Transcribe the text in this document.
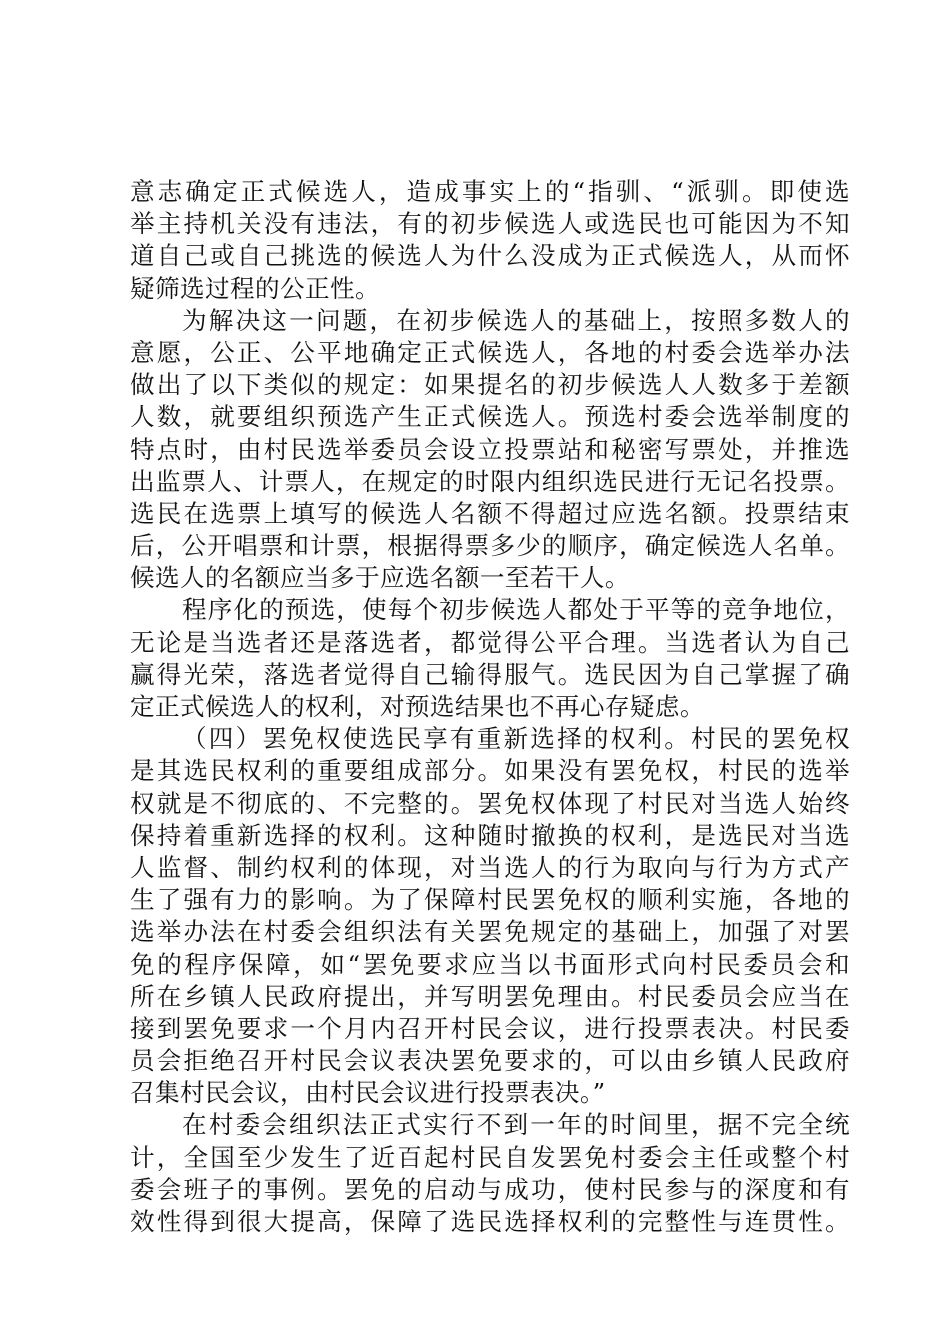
意志确定正式候选人，造成事实上的“指驯、“派驯。即使选
举主持机关没有违法，有的初步候选人或选民也可能因为不知
道自己或自己挑选的候选人为什么没成为正式候选人，从而怀
疑筛选过程的公正性。
为解决这一问题，在初步候选人的基础上，按照多数人的
意愿，公正、公平地确定正式候选人，各地的村委会选举办法
做出了以下类似的规定：如果提名的初步候选人人数多于差额
人数，就要组织预选产生正式候选人。预选村委会选举制度的
特点时，由村民选举委员会设立投票站和秘密写票处，并推选
出监票人、计票人，在规定的时限内组织选民进行无记名投票。
选民在选票上填写的候选人名额不得超过应选名额。投票结束
后，公开唱票和计票，根据得票多少的顺序，确定候选人名单。
候选人的名额应当多于应选名额一至若干人。
程序化的预选，使每个初步候选人都处于平等的竞争地位，
无论是当选者还是落选者，都觉得公平合理。当选者认为自己
赢得光荣，落选者觉得自己输得服气。选民因为自己掌握了确
定正式候选人的权利，对预选结果也不再心存疑虑。
（四）罢免权使选民享有重新选择的权利。村民的罢免权
是其选民权利的重要组成部分。如果没有罢免权，村民的选举
权就是不彻底的、不完整的。罢免权体现了村民对当选人始终
保持着重新选择的权利。这种随时撤换的权利，是选民对当选
人监督、制约权利的体现，对当选人的行为取向与行为方式产
生了强有力的影响。为了保障村民罢免权的顺利实施，各地的
选举办法在村委会组织法有关罢免规定的基础上，加强了对罢
免的程序保障，如“罢免要求应当以书面形式向村民委员会和
所在乡镇人民政府提出，并写明罢免理由。村民委员会应当在
接到罢免要求一个月内召开村民会议，进行投票表决。村民委
员会拒绝召开村民会议表决罢免要求的，可以由乡镇人民政府
召集村民会议，由村民会议进行投票表决。”
在村委会组织法正式实行不到一年的时间里，据不完全统
计，全国至少发生了近百起村民自发罢免村委会主任或整个村
委会班子的事例。罢免的启动与成功，使村民参与的深度和有
效性得到很大提高，保障了选民选择权利的完整性与连贯性。
